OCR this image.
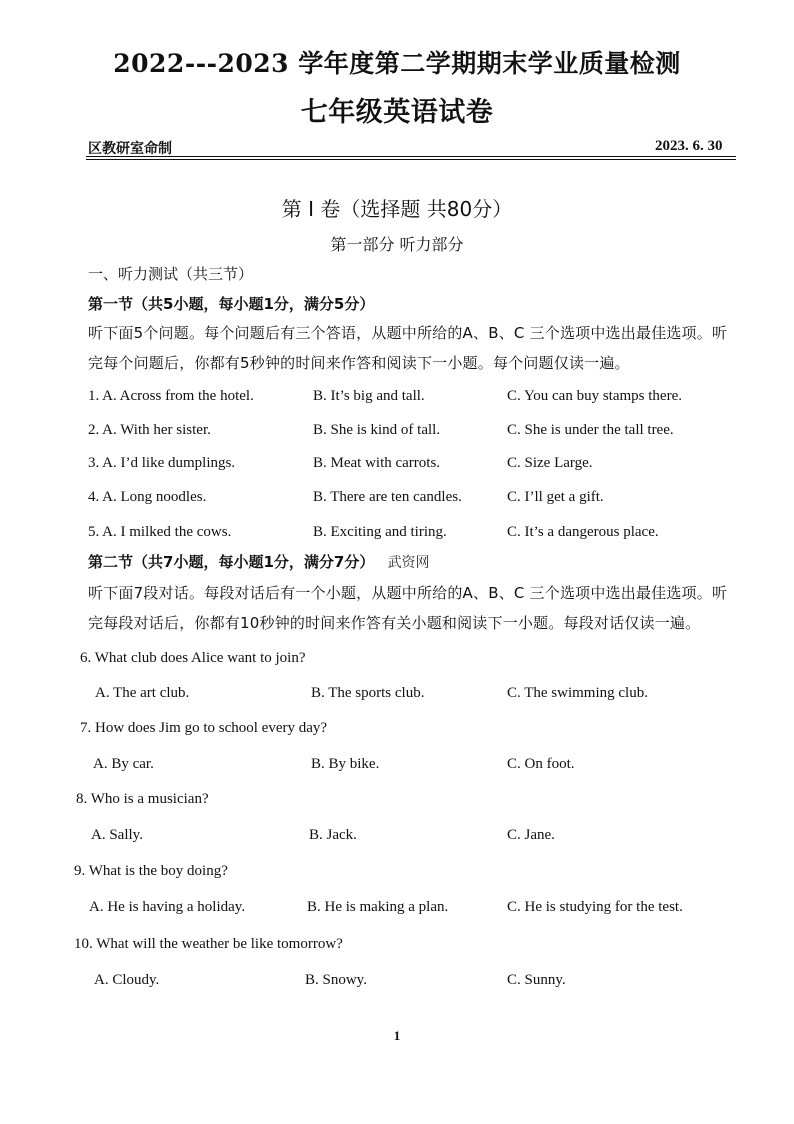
2022---2023 学年度第二学期期末学业质量检测
七年级英语试卷
区教研室命制	2023. 6. 30
第 I 卷（选择题 共80分）
第一部分 听力部分
一、听力测试（共三节）
第一节（共5小题，每小题1分，满分5分）
听下面5个问题。每个问题后有三个答语，从题中所给的A、B、C 三个选项中选出最佳选项。听
完每个问题后，你都有5秒钟的时间来作答和阅读下一小题。每个问题仅读一遍。
1. A. Across from the hotel.	B. It’s big and tall.	C. You can buy stamps there.
2. A. With her sister.	B. She is kind of tall.	C. She is under the tall tree.
3. A. I’d like dumplings.	B. Meat with carrots.	C. Size Large.
4. A. Long noodles.	B. There are ten candles.	C. I’ll get a gift.
5. A. I milked the cows.	B. Exciting and tiring.	C. It’s a dangerous place.
第二节（共7小题，每小题1分，满分7分） 武资网
听下面7段对话。每段对话后有一个小题，从题中所给的A、B、C 三个选项中选出最佳选项。听
完每段对话后，你都有10秒钟的时间来作答有关小题和阅读下一小题。每段对话仅读一遍。
6. What club does Alice want to join?
A. The art club.	B. The sports club.	C. The swimming club.
7. How does Jim go to school every day?
A. By car.	B. By bike.	C. On foot.
8. Who is a musician?
A. Sally.	B. Jack.	C. Jane.
9. What is the boy doing?
A. He is having a holiday.	B. He is making a plan.	C. He is studying for the test.
10. What will the weather be like tomorrow?
A. Cloudy.	B. Snowy.	C. Sunny.
1
